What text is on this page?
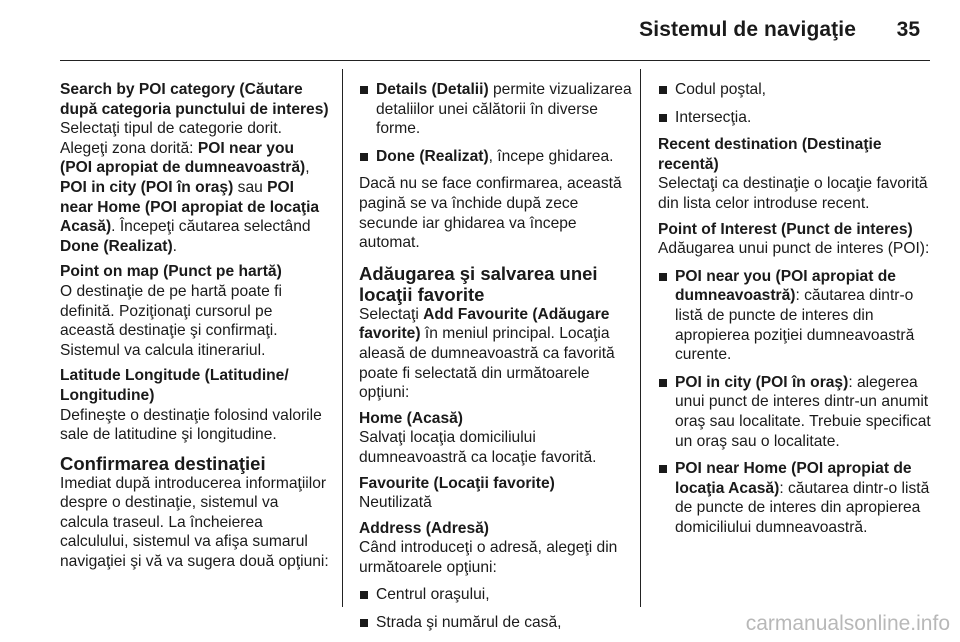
Sistemul de navigaţie 35
Search by POI category (Căutare după categoria punctului de interes)
Selectaţi tipul de categorie dorit. Alegeţi zona dorită: POI near you (POI apropiat de dumneavoastră), POI in city (POI în oraş) sau POI near Home (POI apropiat de locaţia Acasă). Începeţi căutarea selectând Done (Realizat).
Point on map (Punct pe hartă)
O destinaţie de pe hartă poate fi definită. Poziţionaţi cursorul pe această destinaţie şi confirmaţi. Sistemul va calcula itinerariul.
Latitude Longitude (Latitudine/ Longitudine)
Defineşte o destinaţie folosind valorile sale de latitudine şi longitudine.
Confirmarea destinaţiei
Imediat după introducerea informaţiilor despre o destinaţie, sistemul va calcula traseul. La încheierea calculului, sistemul va afişa sumarul navigaţiei şi vă va sugera două opţiuni:
Details (Detalii) permite vizualizarea detaliilor unei călătorii în diverse forme.
Done (Realizat), începe ghidarea.
Dacă nu se face confirmarea, această pagină se va închide după zece secunde iar ghidarea va începe automat.
Adăugarea şi salvarea unei locaţii favorite
Selectaţi Add Favourite (Adăugare favorite) în meniul principal. Locaţia aleasă de dumneavoastră ca favorită poate fi selectată din următoarele opţiuni:
Home (Acasă)
Salvaţi locaţia domiciliului dumneavoastră ca locaţie favorită.
Favourite (Locaţii favorite)
Neutilizată
Address (Adresă)
Când introduceţi o adresă, alegeţi din următoarele opţiuni:
Centrul oraşului,
Strada şi numărul de casă,
Codul poştal,
Intersecţia.
Recent destination (Destinaţie recentă)
Selectaţi ca destinaţie o locaţie favorită din lista celor introduse recent.
Point of Interest (Punct de interes)
Adăugarea unui punct de interes (POI):
POI near you (POI apropiat de dumneavoastră): căutarea dintr-o listă de puncte de interes din apropierea poziţiei dumneavoastră curente.
POI in city (POI în oraş): alegerea unui punct de interes dintr-un anumit oraş sau localitate. Trebuie specificat un oraş sau o localitate.
POI near Home (POI apropiat de locaţia Acasă): căutarea dintr-o listă de puncte de interes din apropierea domiciliului dumneavoastră.
carmanualsonline.info
